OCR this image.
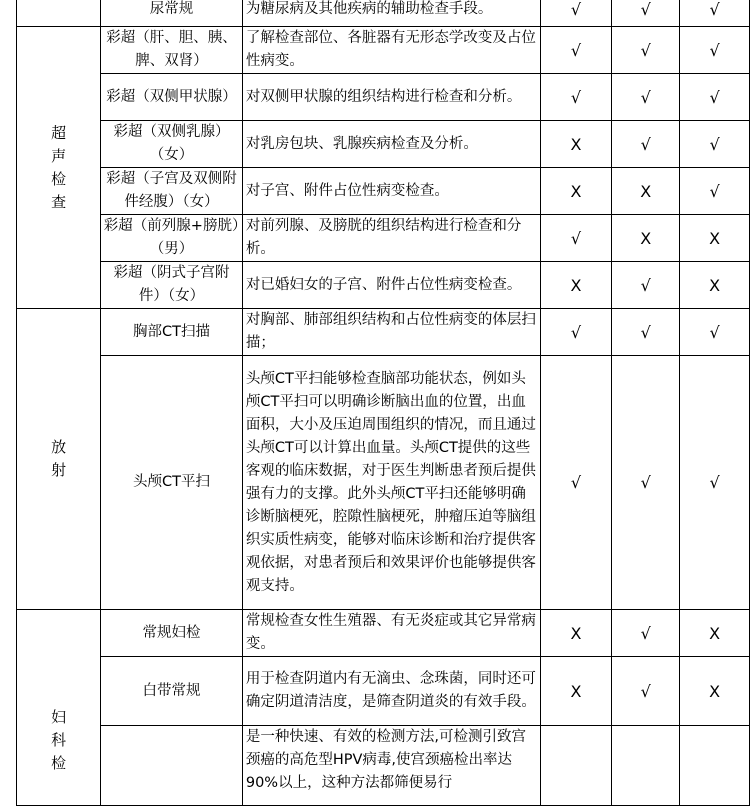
	尿常规	为糖尿病及其他疾病的辅助检查手段。	√	√	√
超声检查	彩超（肝、胆、胰、脾、双肾）	了解检查部位、各脏器有无形态学改变及占位性病变。	√	√	√
	彩超（双侧甲状腺）	对双侧甲状腺的组织结构进行检查和分析。	√	√	√
	彩超（双侧乳腺）（女）	对乳房包块、乳腺疾病检查及分析。	X	√	√
	彩超（子宫及双侧附件经腹）（女）	对子宫、附件占位性病变检查。	X	X	√
	彩超（前列腺+膀胱）（男）	对前列腺、及膀胱的组织结构进行检查和分析。	√	X	X
	彩超（阴式子宫附件）（女）	对已婚妇女的子宫、附件占位性病变检查。	X	√	X
放射	胸部CT扫描	对胸部、肺部组织结构和占位性病变的体层扫描；	√	√	√
	头颅CT平扫	头颅CT平扫能够检查脑部功能状态，例如头颅CT平扫可以明确诊断脑出血的位置，出血面积，大小及压迫周围组织的情况，而且通过头颅CT可以计算出血量。头颅CT提供的这些客观的临床数据，对于医生判断患者预后提供强有力的支撑。此外头颅CT平扫还能够明确诊断脑梗死，腔隙性脑梗死，肿瘤压迫等脑组织实质性病变，能够对临床诊断和治疗提供客观依据，对患者预后和效果评价也能够提供客观支持。	√	√	√
妇科检	常规妇检	常规检查女性生殖器、有无炎症或其它异常病变。	X	√	X
	白带常规	用于检查阴道内有无滴虫、念珠菌，同时还可确定阴道清洁度，是筛查阴道炎的有效手段。	X	√	X
		是一种快速、有效的检测方法,可检测引致宫颈癌的高危型HPV病毒,使宫颈癌检出率达90%以上，这种方法都筛便易行			
